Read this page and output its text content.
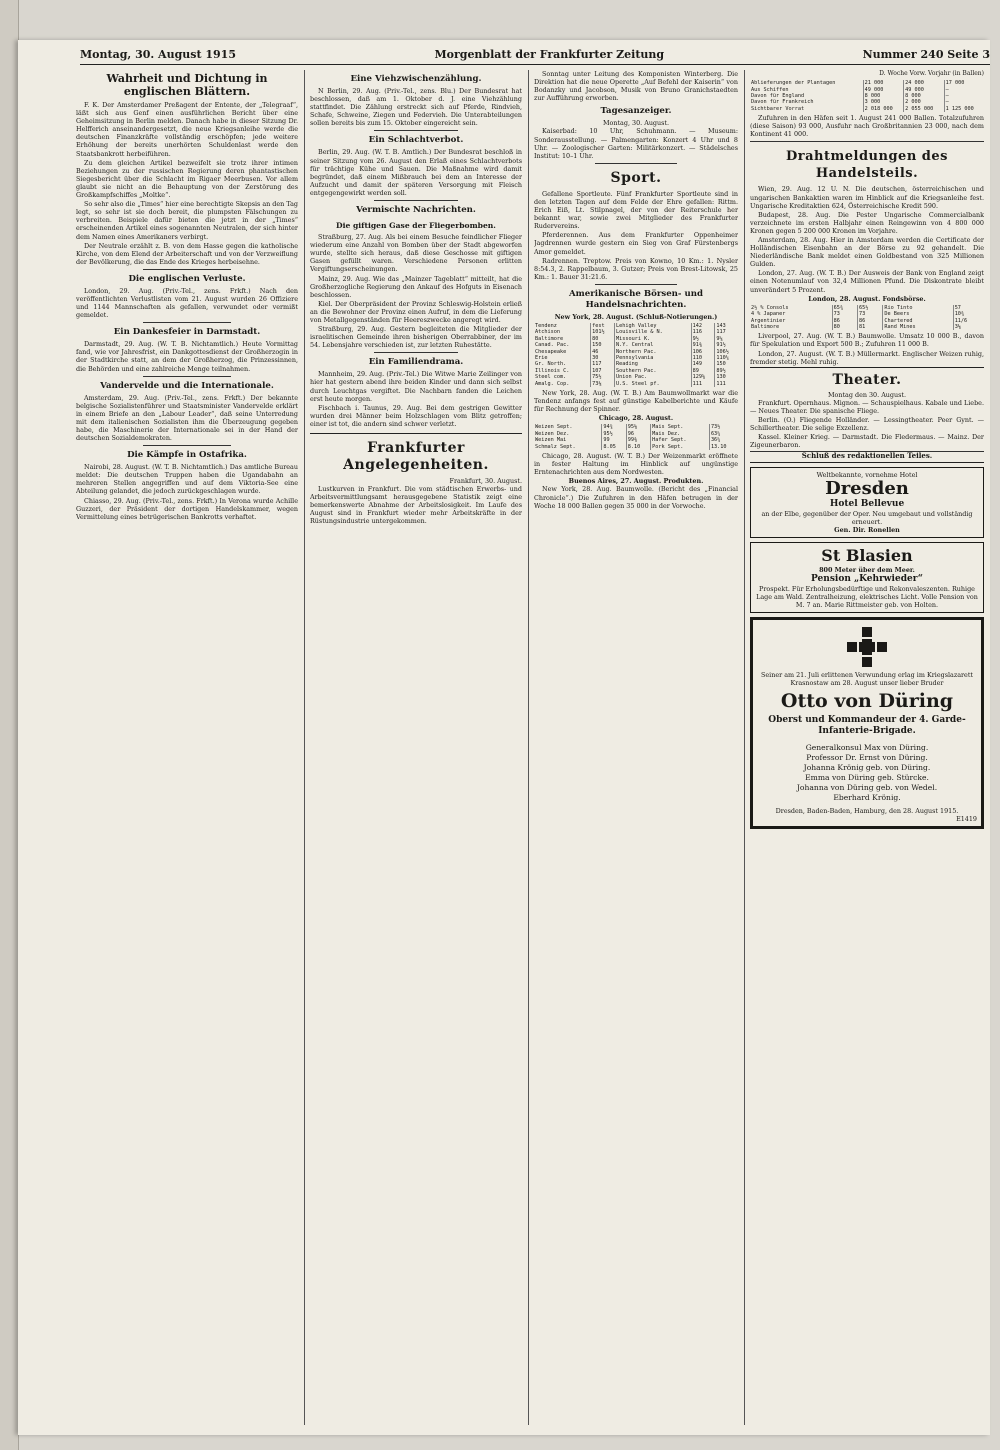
Montag, 30. August 1915	Morgenblatt der Frankfurter Zeitung	Nummer 240 Seite 3
Wahrheit und Dichtung in englischen Blättern.

F. K. Der Amsterdamer Preßagent der Entente, der „Telegraaf“, läßt sich aus Genf einen ausführlichen Bericht über eine Geheimsitzung in Berlin melden. Danach habe in dieser Sitzung Dr. Helfferich anseinandergesetzt, die neue Kriegsanleihe werde die deutschen Finanzkräfte vollständig erschöpfen; jede weitere Erhöhung der bereits unerhörten Schuldenlast werde den Staatsbankrott herbeiführen.

Zu dem gleichen Artikel bezweifelt sie trotz ihrer intimen Beziehungen zu der russischen Regierung deren phantastischen Siegesbericht über die Schlacht im Rigaer Meerbusen. Vor allem glaubt sie nicht an die Behauptung von der Zerstörung des Großkampfschiffes „Moltke“.

So sehr also die „Times“ hier eine berechtigte Skepsis an den Tag legt, so sehr ist sie doch bereit, die plumpsten Fälschungen zu verbreiten. Beispiele dafür bieten die jetzt in der „Times“ erscheinenden Artikel eines sogenannten Neutralen, der sich hinter dem Namen eines Amerikaners verbirgt.

Der Neutrale erzählt z. B. von dem Hasse gegen die katholische Kirche, von dem Elend der Arbeiterschaft und von der Verzweiflung der Bevölkerung, die das Ende des Krieges herbeisehne.

Die englischen Verluste.

London, 29. Aug. (Priv.-Tel., zens. Frkft.) Nach den veröffentlichten Verlustlisten vom 21. August wurden 26 Offiziere und 1144 Mannschaften als gefallen, verwundet oder vermißt gemeldet.

Ein Dankesfeier in Darmstadt.

Darmstadt, 29. Aug. (W. T. B. Nichtamtlich.) Heute Vormittag fand, wie vor Jahresfrist, ein Dankgottesdienst der Großherzogin in der Stadtkirche statt, an dem der Großherzog, die Prinzessinnen, die Behörden und eine zahlreiche Menge teilnahmen.

Vandervelde und die Internationale.

Amsterdam, 29. Aug. (Priv.-Tel., zens. Frkft.) Der bekannte belgische Sozialistenführer und Staatsminister Vandervelde erklärt in einem Briefe an den „Labour Leader“, daß seine Unterredung mit dem italienischen Sozialisten ihm die Überzeugung gegeben habe, die Maschinerie der Internationale sei in der Hand der deutschen Sozialdemokraten.

Die Kämpfe in Ostafrika.

Nairobi, 28. August. (W. T. B. Nichtamtlich.) Das amtliche Bureau meldet: Die deutschen Truppen haben die Ugandabahn an mehreren Stellen angegriffen und auf dem Viktoria-See eine Abteilung gelandet, die jedoch zurückgeschlagen wurde.

Chiasso, 29. Aug. (Priv.-Tel., zens. Frkft.) In Verona wurde Achille Guzzeri, der Präsident der dortigen Handelskammer, wegen Vermittelung eines betrügerischen Bankrotts verhaftet.

Eine Viehzwischenzählung.

N Berlin, 29. Aug. (Priv.-Tel., zens. Blu.) Der Bundesrat hat beschlossen, daß am 1. Oktober d. J. eine Viehzählung stattfindet. Die Zählung erstreckt sich auf Pferde, Rindvieh, Schafe, Schweine, Ziegen und Federvieh. Die Unterabteilungen sollen bereits bis zum 15. Oktober eingereicht sein.

Ein Schlachtverbot.

Berlin, 29. Aug. (W. T. B. Amtlich.) Der Bundesrat beschloß in seiner Sitzung vom 26. August den Erlaß eines Schlachtverbots für trächtige Kühe und Sauen. Die Maßnahme wird damit begründet, daß einem Mißbrauch bei dem an Interesse der Aufzucht und damit der späteren Versorgung mit Fleisch entgegengewirkt werden soll.

Vermischte Nachrichten.
Die giftigen Gase der Fliegerbomben.

Straßburg, 27. Aug. Als bei einem Besuche feindlicher Flieger wiederum eine Anzahl von Bomben über der Stadt abgeworfen wurde, stellte sich heraus, daß diese Geschosse mit giftigen Gasen gefüllt waren. Verschiedene Personen erlitten Vergiftungserscheinungen.

Mainz, 29. Aug. Wie das „Mainzer Tageblatt“ mitteilt, hat die Großherzogliche Regierung den Ankauf des Hofguts in Eisenach beschlossen.

Kiel. Der Oberpräsident der Provinz Schleswig-Holstein erließ an die Bewohner der Provinz einen Aufruf, in dem die Lieferung von Metallgegenständen für Heereszwecke angeregt wird.

Straßburg, 29. Aug. Gestern begleiteten die Mitglieder der israelitischen Gemeinde ihren bisherigen Oberrabbiner, der im 54. Lebensjahre verschieden ist, zur letzten Ruhestätte.

Ein Familiendrama.

Mannheim, 29. Aug. (Priv.-Tel.) Die Witwe Marie Zeilinger von hier hat gestern abend ihre beiden Kinder und dann sich selbst durch Leuchtgas vergiftet. Die Nachbarn fanden die Leichen erst heute morgen.

Fischbach i. Taunus, 29. Aug. Bei dem gestrigen Gewitter wurden drei Männer beim Holzschlagen vom Blitz getroffen; einer ist tot, die andern sind schwer verletzt.

Frankfurter Angelegenheiten.
Frankfurt, 30. August.

Lustkurven in Frankfurt. Die vom städtischen Erwerbs- und Arbeitsvermittlungsamt herausgegebene Statistik zeigt eine bemerkenswerte Abnahme der Arbeitslosigkeit. Im Laufe des August sind in Frankfurt wieder mehr Arbeitskräfte in der Rüstungsindustrie untergekommen.

Sonntag unter Leitung des Komponisten Winterberg. Die Direktion hat die neue Operette „Auf Befehl der Kaiserin“ von Bodanzky und Jacobson, Musik von Bruno Granichstaedten zur Aufführung erworben.

Tagesanzeiger.
Montag, 30. August.

Kaiserbad: 10 Uhr, Schuhmann. — Museum: Sonderausstellung. — Palmengarten: Konzert 4 Uhr und 8 Uhr. — Zoologischer Garten: Militärkonzert. — Städelsches Institut: 10–1 Uhr.

Sport.

Gefallene Sportleute. Fünf Frankfurter Sportleute sind in den letzten Tagen auf dem Felde der Ehre gefallen: Rittm. Erich Eiß, Lt. Stilpnagel, der von der Reiterschule her bekannt war, sowie zwei Mitglieder des Frankfurter Rudervereins.

Pferderennen. Aus dem Frankfurter Oppenheimer Jagdrennen wurde gestern ein Sieg von Graf Fürstenbergs Amor gemeldet.

Radrennen. Treptow. Preis von Kowno, 10 Km.: 1. Nysler 8:54.3, 2. Rappelbaum, 3. Gutzer; Preis von Brest-Litowsk, 25 Km.: 1. Bauer 31:21.6.

Amerikanische Börsen- und Handelsnachrichten.
New York, 28. August. (Schluß-Notierungen.)
Tendenz	fest	Lehigh Valley	142	143
Atchison	101½	Louisville & N.	116	117
Baltimore	80	Missouri K.	9½	9⅝
Canad. Pac.	150	N.Y. Central	91⅜	91½
Chesapeake	46	Northern Pac.	106	106½
Erie	30	Pennsylvania	110	110¼
Gr. North.	117	Reading	149	150
Illinois C.	107	Southern Pac.	89	89½
Steel com.	75½	Union Pac.	129⅝	130
Amalg. Cop.	73⅛	U.S. Steel pf.	111	111

New York, 28. Aug. (W. T. B.) Am Baumwollmarkt war die Tendenz anfangs fest auf günstige Kabelberichte und Käufe für Rechnung der Spinner.

Chicago, 28. August.
Weizen Sept.	94¾	95⅛	Mais Sept.	73½
Weizen Dez.	95½	96	Mais Dez.	63¼
Weizen Mai	99	99⅜	Hafer Sept.	36¼
Schmalz Sept.	8.05	8.10	Pork Sept.	13.10

Chicago, 28. August. (W. T. B.) Der Weizenmarkt eröffnete in fester Haltung im Hinblick auf ungünstige Erntenachrichten aus dem Nordwesten.

Buenos Aires, 27. August. Produkten.

New York, 28. Aug. Baumwolle. (Bericht des „Financial Chronicle“.) Die Zufuhren in den Häfen betrugen in der Woche 18 000 Ballen gegen 35 000 in der Vorwoche.

D. Woche Vorw. Vorjahr (in Ballen)
Ablieferungen der Plantagen	21 000	24 000	17 000
Aus Schiffen	49 000	49 000	—
Davon für England	8 000	8 000	—
Davon für Frankreich	3 000	2 000	—
Sichtbarer Vorrat	2 018 000	2 055 000	1 125 000

Zufuhren in den Häfen seit 1. August 241 000 Ballen. Totalzufuhren (diese Saison) 93 000, Ausfuhr nach Großbritannien 23 000, nach dem Kontinent 41 000.

Drahtmeldungen des Handelsteils.

Wien, 29. Aug. 12 U. N. Die deutschen, österreichischen und ungarischen Bankaktien waren im Hinblick auf die Kriegsanleihe fest. Ungarische Kreditaktien 624, Österreichische Kredit 590.

Budapest, 28. Aug. Die Pester Ungarische Commercialbank verzeichnete im ersten Halbjahr einen Reingewinn von 4 800 000 Kronen gegen 5 200 000 Kronen im Vorjahre.

Amsterdam, 28. Aug. Hier in Amsterdam werden die Certificate der Holländischen Eisenbahn an der Börse zu 92 gehandelt. Die Niederländische Bank meldet einen Goldbestand von 325 Millionen Gulden.

London, 27. Aug. (W. T. B.) Der Ausweis der Bank von England zeigt einen Notenumlauf von 32,4 Millionen Pfund. Die Diskontrate bleibt unverändert 5 Prozent.

London, 28. August. Fondsbörse.
2½ % Consols	65¾	65½	Rio Tinto	57
4 % Japaner	73	73	De Beers	10¾
Argentinier	86	86	Chartered	11/6
Baltimore	80	81	Rand Mines	3⅛

Liverpool, 27. Aug. (W. T. B.) Baumwolle. Umsatz 10 000 B., davon für Spekulation und Export 500 B.; Zufuhren 11 000 B.

London, 27. August. (W. T. B.) Müllermarkt. Englischer Weizen ruhig, fremder stetig. Mehl ruhig.

Theater.
Montag den 30. August.

Frankfurt. Opernhaus. Mignon. — Schauspielhaus. Kabale und Liebe. — Neues Theater. Die spanische Fliege.

Berlin. (O.) Fliegende Holländer. — Lessingtheater. Peer Gynt. — Schillertheater. Die selige Exzellenz.

Kassel. Kleiner Krieg. — Darmstadt. Die Fledermaus. — Mainz. Der Zigeunerbaron.

Schluß des redaktionellen Teiles.
Weltbekannte, vornehme Hotel
Dresden
Hotel Bellevue
an der Elbe, gegenüber der Oper. Neu umgebaut und vollständig erneuert.
Gen. Dir. Ronellen
St Blasien
800 Meter über dem Meer.
Pension „Kehrwieder“
Prospekt. Für Erholungsbedürftige und Rekonvaleszenten. Ruhige Lage am Wald. Zentralheizung, elektrisches Licht. Volle Pension von M. 7 an. Marie Rittmeister geb. von Holten.
Seiner am 21. Juli erlittenen Verwundung erlag im Kriegslazarett Krasnostaw am 28. August unser lieber Bruder
Otto von Düring
Oberst und Kommandeur der 4. Garde-Infanterie-Brigade.
Generalkonsul Max von Düring.
Professor Dr. Ernst von Düring.
Johanna Krönig geb. von Düring.
Emma von Düring geb. Stürcke.
Johanna von Düring geb. von Wedel.
Eberhard Krönig.
Dresden, Baden-Baden, Hamburg, den 28. August 1915.
E1419
